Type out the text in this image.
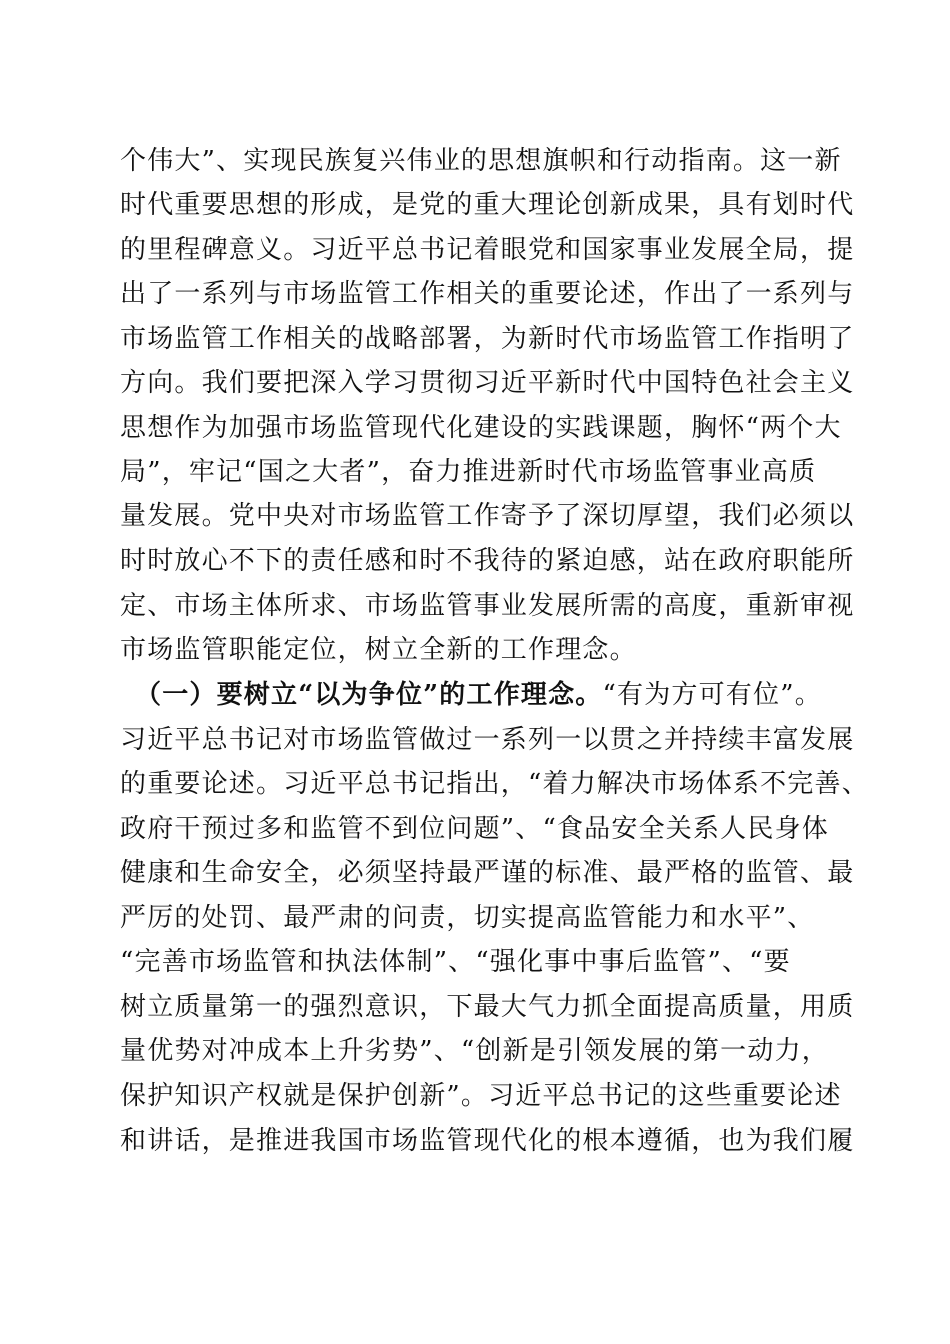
个伟大”、实现民族复兴伟业的思想旗帜和行动指南。这一新
时代重要思想的形成，是党的重大理论创新成果，具有划时代
的里程碑意义。习近平总书记着眼党和国家事业发展全局，提
出了一系列与市场监管工作相关的重要论述，作出了一系列与
市场监管工作相关的战略部署，为新时代市场监管工作指明了
方向。我们要把深入学习贯彻习近平新时代中国特色社会主义
思想作为加强市场监管现代化建设的实践课题，胸怀“两个大
局”，牢记“国之大者”，奋力推进新时代市场监管事业高质
量发展。党中央对市场监管工作寄予了深切厚望，我们必须以
时时放心不下的责任感和时不我待的紧迫感，站在政府职能所
定、市场主体所求、市场监管事业发展所需的高度，重新审视
市场监管职能定位，树立全新的工作理念。
（一）要树立“以为争位”的工作理念。“有为方可有位”。
习近平总书记对市场监管做过一系列一以贯之并持续丰富发展
的重要论述。习近平总书记指出，“着力解决市场体系不完善、
政府干预过多和监管不到位问题”、“食品安全关系人民身体
健康和生命安全，必须坚持最严谨的标准、最严格的监管、最
严厉的处罚、最严肃的问责，切实提高监管能力和水平”、
“完善市场监管和执法体制”、“强化事中事后监管”、“要
树立质量第一的强烈意识，下最大气力抓全面提高质量，用质
量优势对冲成本上升劣势”、“创新是引领发展的第一动力，
保护知识产权就是保护创新”。习近平总书记的这些重要论述
和讲话，是推进我国市场监管现代化的根本遵循，也为我们履
